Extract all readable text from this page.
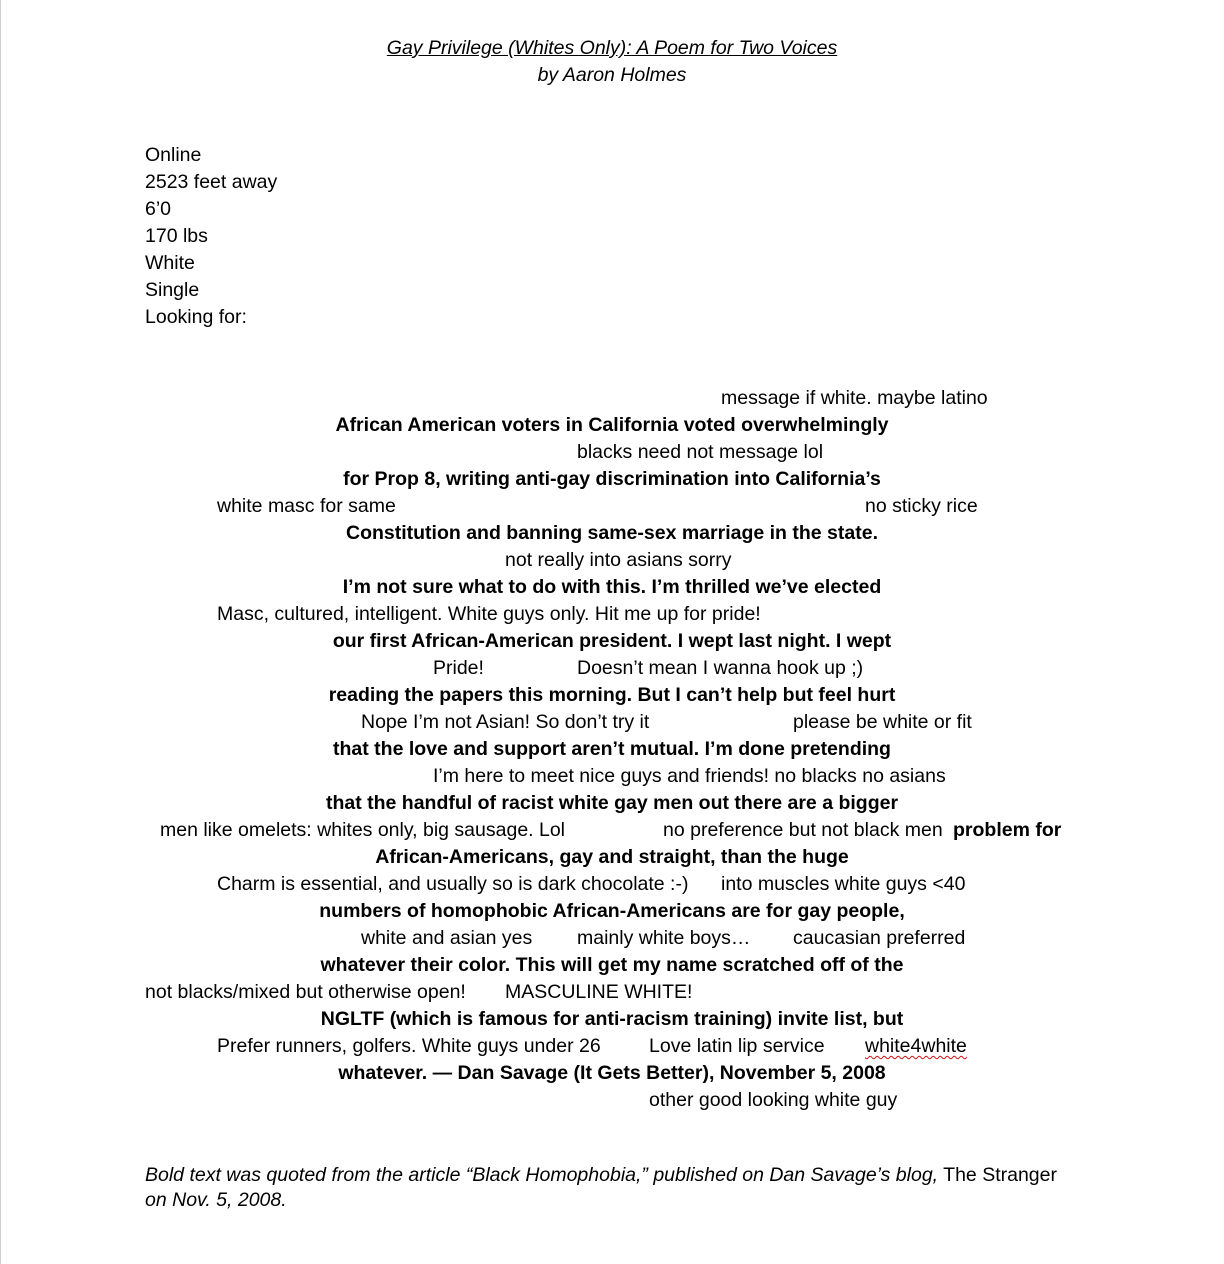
Gay Privilege (Whites Only): A Poem for Two Voices
by Aaron Holmes
Online
2523 feet away
6’0
170 lbs
White
Single
Looking for:
message if white. maybe latino
African American voters in California voted overwhelmingly
blacks need not message lol
for Prop 8, writing anti-gay discrimination into California’s
white masc for same	no sticky rice
Constitution and banning same-sex marriage in the state.
not really into asians sorry
I’m not sure what to do with this. I’m thrilled we’ve elected
Masc, cultured, intelligent. White guys only. Hit me up for pride!
our first African-American president. I wept last night. I wept
Pride!	Doesn’t mean I wanna hook up ;)
reading the papers this morning. But I can’t help but feel hurt
Nope I’m not Asian! So don’t try it	please be white or fit
that the love and support aren’t mutual. I’m done pretending
I’m here to meet nice guys and friends! no blacks no asians
that the handful of racist white gay men out there are a bigger
men like omelets: whites only, big sausage. Lol	no preference but not black men problem for
African-Americans, gay and straight, than the huge
Charm is essential, and usually so is dark chocolate :-) into muscles white guys <40
numbers of homophobic African-Americans are for gay people,
white and asian yes mainly white boys… caucasian preferred
whatever their color. This will get my name scratched off of the
not blacks/mixed but otherwise open! MASCULINE WHITE!
NGLTF (which is famous for anti-racism training) invite list, but
Prefer runners, golfers. White guys under 26 Love latin lip service white4white
whatever. — Dan Savage (It Gets Better), November 5, 2008
other good looking white guy
Bold text was quoted from the article “Black Homophobia,” published on Dan Savage’s blog, The Stranger
on Nov. 5, 2008.
